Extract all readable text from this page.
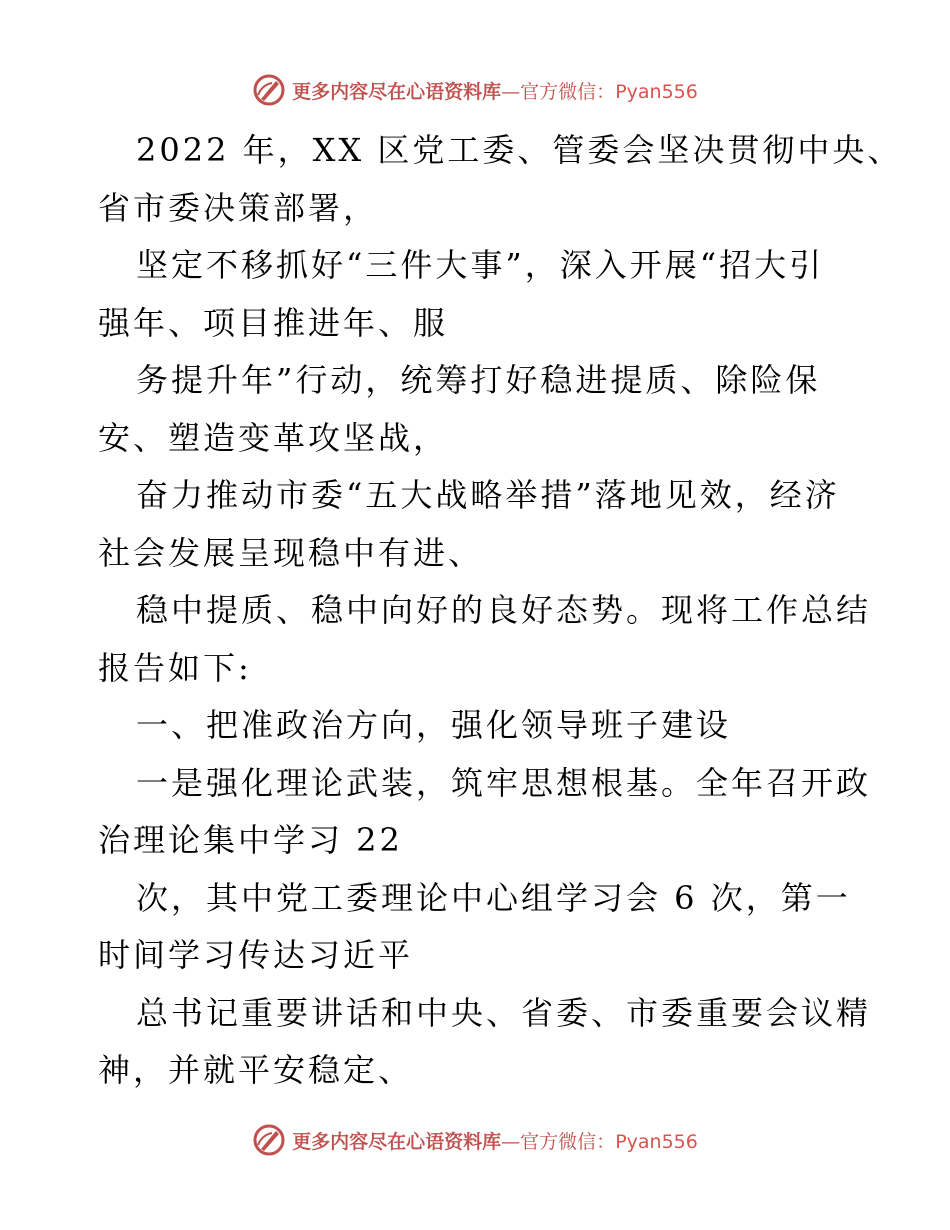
更多内容尽在心语资料库—官方微信：Pyan556
2022 年，XX 区党工委、管委会坚决贯彻中央、
省市委决策部署，
坚定不移抓好“三件大事”，深入开展“招大引
强年、项目推进年、服
务提升年”行动，统筹打好稳进提质、除险保
安、塑造变革攻坚战，
奋力推动市委“五大战略举措”落地见效，经济
社会发展呈现稳中有进、
稳中提质、稳中向好的良好态势。现将工作总结
报告如下:
一、把准政治方向，强化领导班子建设
一是强化理论武装，筑牢思想根基。全年召开政
治理论集中学习 22
次，其中党工委理论中心组学习会 6 次，第一
时间学习传达习近平
总书记重要讲话和中央、省委、市委重要会议精
神，并就平安稳定、
更多内容尽在心语资料库—官方微信：Pyan556
